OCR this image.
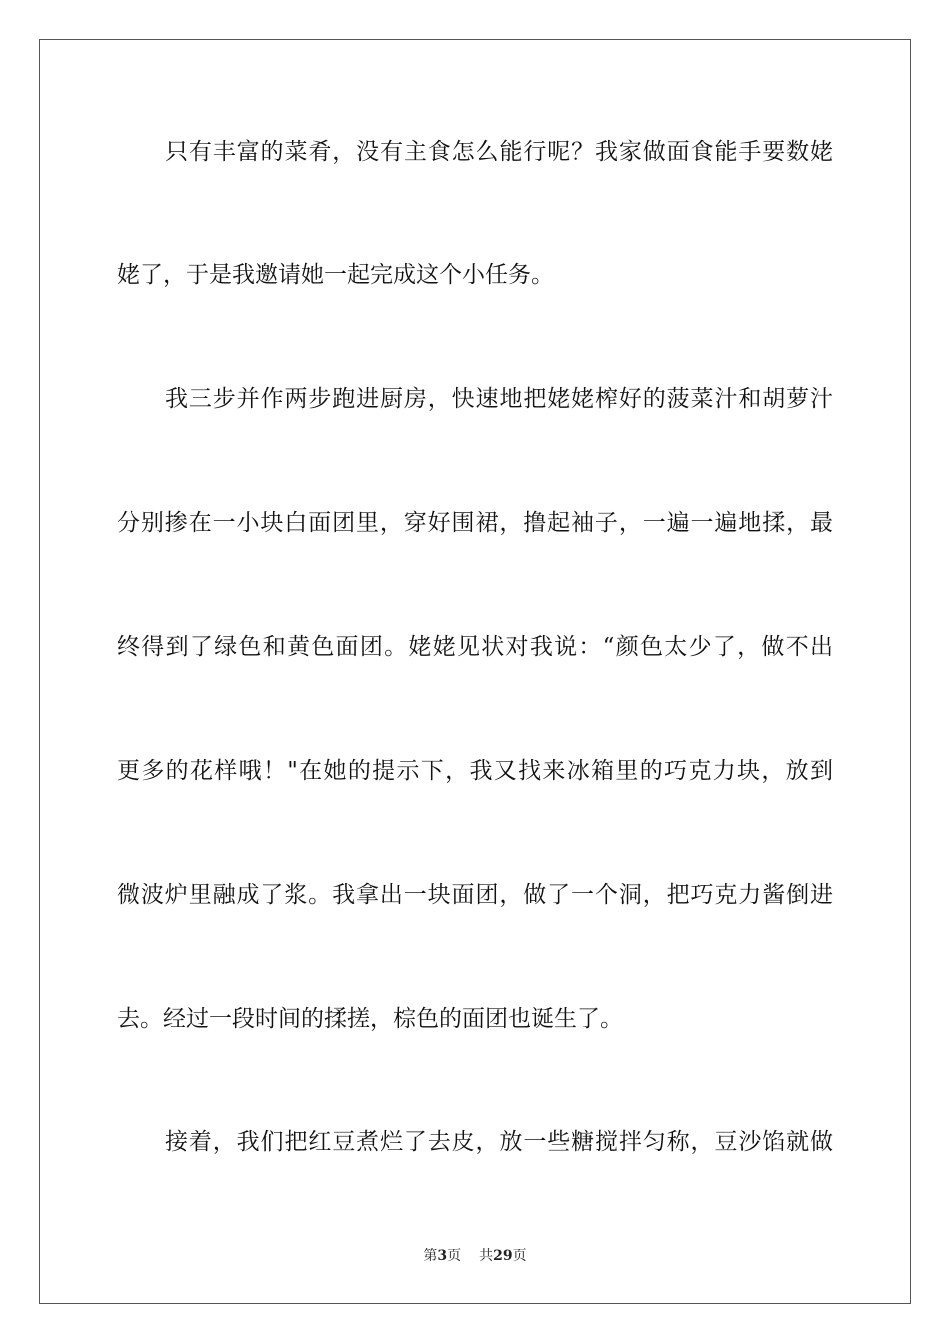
只有丰富的菜肴，没有主食怎么能行呢？我家做面食能手要数姥
姥了，于是我邀请她一起完成这个小任务。
我三步并作两步跑进厨房，快速地把姥姥榨好的菠菜汁和胡萝汁
分别掺在一小块白面团里，穿好围裙，撸起袖子，一遍一遍地揉，最
终得到了绿色和黄色面团。姥姥见状对我说：“颜色太少了，做不出
更多的花样哦！"在她的提示下，我又找来冰箱里的巧克力块，放到
微波炉里融成了浆。我拿出一块面团，做了一个洞，把巧克力酱倒进
去。经过一段时间的揉搓，棕色的面团也诞生了。
接着，我们把红豆煮烂了去皮，放一些糖搅拌匀称，豆沙馅就做
第3页 共29页
